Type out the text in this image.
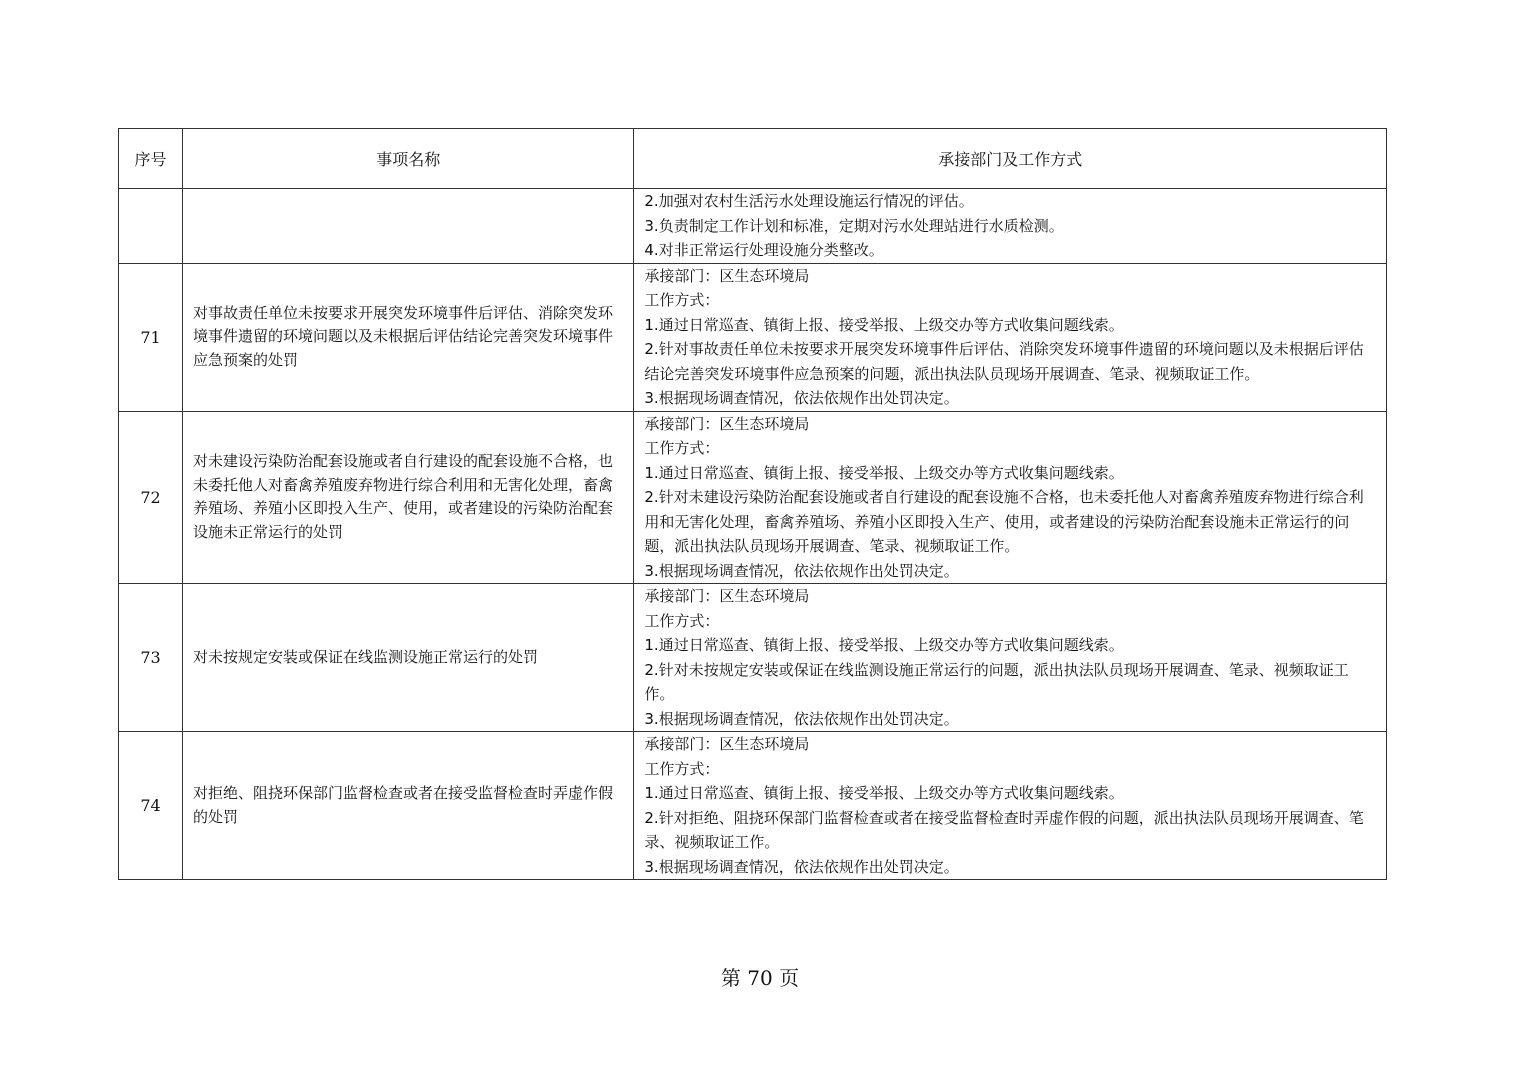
序号	事项名称	承接部门及工作方式

		2.加强对农村生活污水处理设施运行情况的评估。
3.负责制定工作计划和标准，定期对污水处理站进行水质检测。
4.对非正常运行处理设施分类整改。

71	对事故责任单位未按要求开展突发环境事件后评估、消除突发环境事件遗留的环境问题以及未根据后评估结论完善突发环境事件应急预案的处罚	承接部门：区生态环境局
工作方式：
1.通过日常巡查、镇街上报、接受举报、上级交办等方式收集问题线索。
2.针对事故责任单位未按要求开展突发环境事件后评估、消除突发环境事件遗留的环境问题以及未根据后评估结论完善突发环境事件应急预案的问题，派出执法队员现场开展调查、笔录、视频取证工作。
3.根据现场调查情况，依法依规作出处罚决定。

72	对未建设污染防治配套设施或者自行建设的配套设施不合格，也未委托他人对畜禽养殖废弃物进行综合利用和无害化处理，畜禽养殖场、养殖小区即投入生产、使用，或者建设的污染防治配套设施未正常运行的处罚	承接部门：区生态环境局
工作方式：
1.通过日常巡查、镇街上报、接受举报、上级交办等方式收集问题线索。
2.针对未建设污染防治配套设施或者自行建设的配套设施不合格，也未委托他人对畜禽养殖废弃物进行综合利用和无害化处理，畜禽养殖场、养殖小区即投入生产、使用，或者建设的污染防治配套设施未正常运行的问题，派出执法队员现场开展调查、笔录、视频取证工作。
3.根据现场调查情况，依法依规作出处罚决定。

73	对未按规定安装或保证在线监测设施正常运行的处罚	承接部门：区生态环境局
工作方式：
1.通过日常巡查、镇街上报、接受举报、上级交办等方式收集问题线索。
2.针对未按规定安装或保证在线监测设施正常运行的问题，派出执法队员现场开展调查、笔录、视频取证工作。
3.根据现场调查情况，依法依规作出处罚决定。

74	对拒绝、阻挠环保部门监督检查或者在接受监督检查时弄虚作假的处罚	承接部门：区生态环境局
工作方式：
1.通过日常巡查、镇街上报、接受举报、上级交办等方式收集问题线索。
2.针对拒绝、阻挠环保部门监督检查或者在接受监督检查时弄虚作假的问题，派出执法队员现场开展调查、笔录、视频取证工作。
3.根据现场调查情况，依法依规作出处罚决定。
第 70 页
